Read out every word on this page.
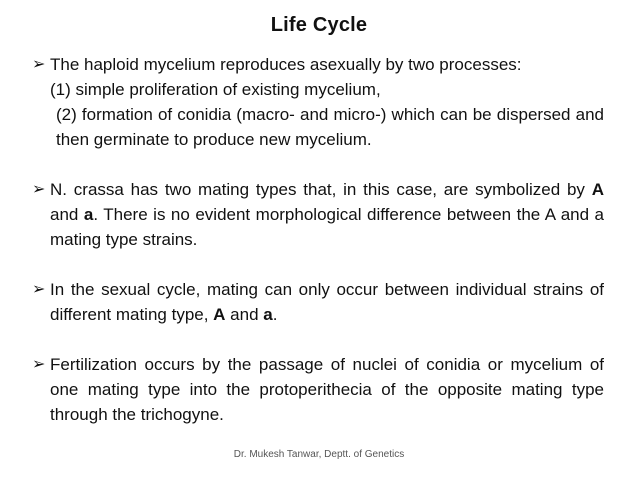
Life Cycle

➢ The haploid mycelium reproduces asexually by two processes:
(1) simple proliferation of existing mycelium,
(2) formation of conidia (macro- and micro-) which can be dispersed and then germinate to produce new mycelium.

➢ N. crassa has two mating types that, in this case, are symbolized by A and a. There is no evident morphological difference between the A and a mating type strains.

➢ In the sexual cycle, mating can only occur between individual strains of different mating type, A and a.

➢ Fertilization occurs by the passage of nuclei of conidia or mycelium of one mating type into the protoperithecia of the opposite mating type through the trichogyne.

Dr. Mukesh Tanwar, Deptt. of Genetics
